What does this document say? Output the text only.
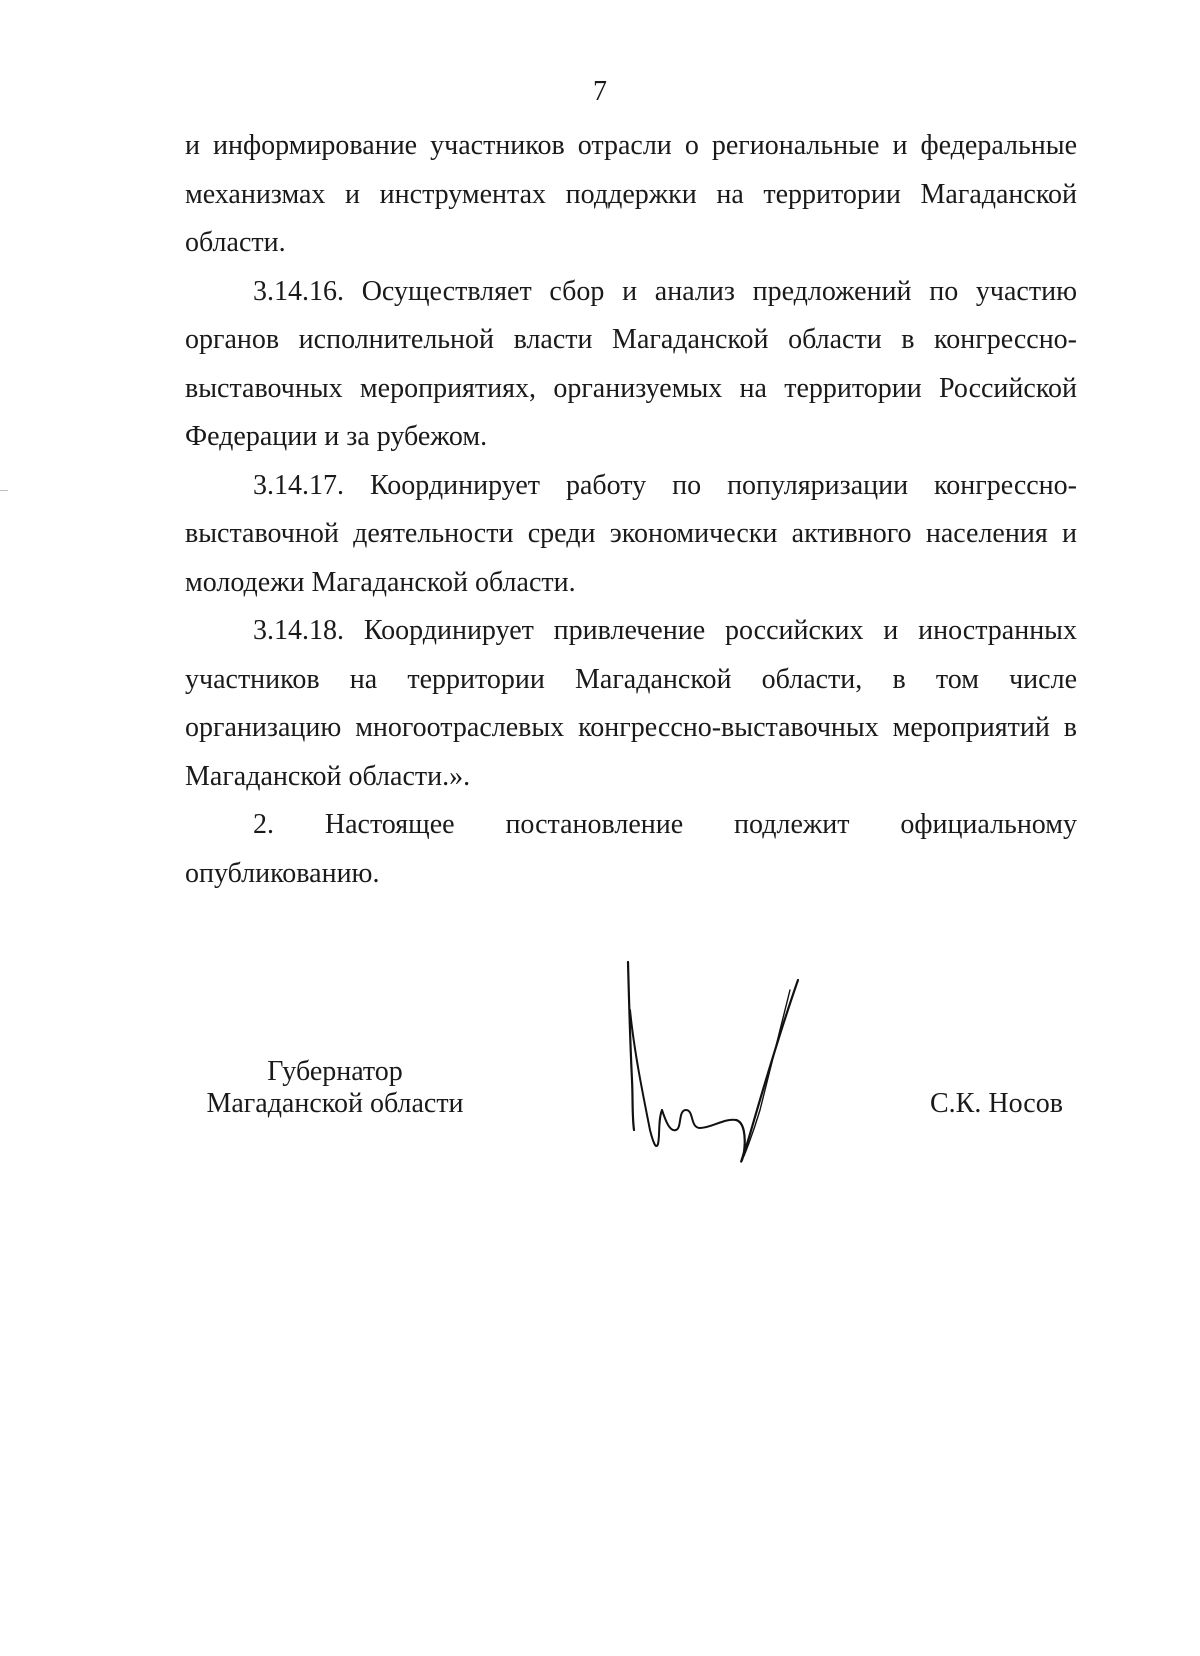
7

и информирование участников отрасли о региональные и федеральные механизмах и инструментах поддержки на территории Магаданской области.

3.14.16. Осуществляет сбор и анализ предложений по участию органов исполнительной власти Магаданской области в конгрессно-выставочных мероприятиях, организуемых на территории Российской Федерации и за рубежом.

3.14.17. Координирует работу по популяризации конгрессно-выставочной деятельности среди экономически активного населения и молодежи Магаданской области.

3.14.18. Координирует привлечение российских и иностранных участников на территории Магаданской области, в том числе организацию многоотраслевых конгрессно-выставочных мероприятий в Магаданской области.».

2. Настоящее постановление подлежит официальному опубликованию.

Губернатор
Магаданской области	С.К. Носов
